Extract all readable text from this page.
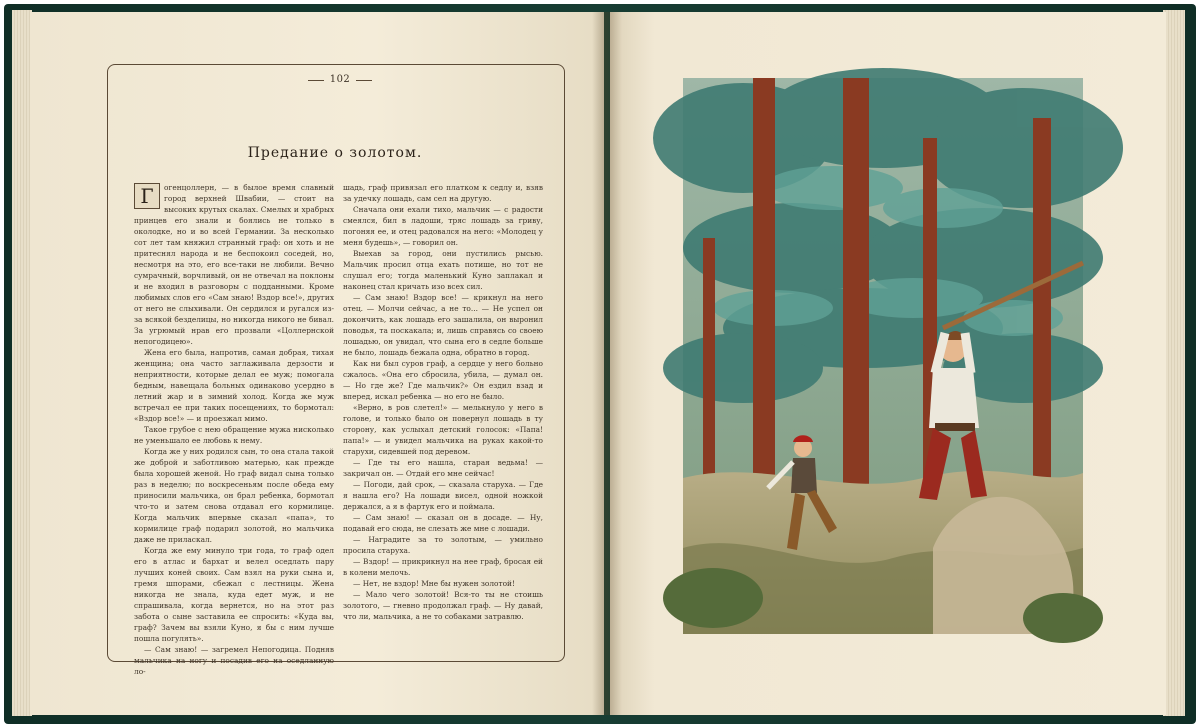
102
Предание о золотом.
Г	огенцоллерн, — в былое время славный город верхней Швабии, — стоит на высоких крутых скалах. Смелых и храбрых принцев его знали и боялись не только в околодке, но и во всей Германии. За несколько сот лет там княжил странный граф: он хоть и не притеснял народа и не беспокоил соседей, но, несмотря на это, его все-таки не любили. Вечно сумрачный, ворчливый, он не отвечал на поклоны и не входил в разговоры с подданными. Кроме любимых слов его «Сам знаю! Вздор все!», других от него не слыхивали. Он сердился и ругался из-за всякой безделицы, но никогда никого не бивал. За угрюмый нрав его прозвали «Цоллернской непогодицею».

Жена его была, напротив, самая добрая, тихая женщина; она часто заглаживала дерзости и неприятности, которые делал ее муж; помогала бедным, навещала больных одинаково усердно в летний жар и в зимний холод. Когда же муж встречал ее при таких посещениях, то бормотал: «Вздор все!» — и проезжал мимо.

Такое грубое с нею обращение мужа нисколько не уменьшало ее любовь к нему.

Когда же у них родился сын, то она стала такой же доброй и заботливою матерью, как прежде была хорошей женой. Но граф видал сына только раз в неделю; по воскресеньям после обеда ему приносили мальчика, он брал ребенка, бормотал что-то и затем снова отдавал его кормилице. Когда мальчик впервые сказал «папа», то кормилице граф подарил золотой, но мальчика даже не приласкал.

Когда же ему минуло три года, то граф одел его в атлас и бархат и велел оседлать пару лучших коней своих. Сам взял на руки сына и, гремя шпорами, сбежал с лестницы. Жена никогда не знала, куда едет муж, и не спрашивала, когда вернется, но на этот раз забота о сыне заставила ее спросить: «Куда вы, граф? Зачем вы взяли Куно, я бы с ним лучше пошла погулять».

— Сам знаю! — загремел Непогодица. Подняв мальчика на ногу и посадив его на оседланную ло-

шадь, граф привязал его платком к седлу и, взяв за удечку лошадь, сам сел на другую.

Сначала они ехали тихо, мальчик — с радости смеялся, бил в ладоши, тряс лошадь за гриву, погоняя ее, и отец радовался на него: «Молодец у меня будешь», — говорил он.

Выехав за город, они пустились рысью. Мальчик просил отца ехать потише, но тот не слушал его; тогда маленький Куно заплакал и наконец стал кричать изо всех сил.

— Сам знаю! Вздор все! — крикнул на него отец. — Молчи сейчас, а не то... — Не успел он докончить, как лошадь его зашалила, он выронил поводья, та поскакала; и, лишь справясь со своею лошадью, он увидал, что сына его в седле больше не было, лошадь бежала одна, обратно в город.

Как ни был суров граф, а сердце у него больно сжалось. «Она его сбросила, убила, — думал он. — Но где же? Где мальчик?» Он ездил взад и вперед, искал ребенка — но его не было.

«Верно, в ров слетел!» — мелькнуло у него в голове, и только было он повернул лошадь в ту сторону, как услыхал детский голосок: «Папа! папа!» — и увидел мальчика на руках какой-то старухи, сидевшей под деревом.

— Где ты его нашла, старая ведьма! — закричал он. — Отдай его мне сейчас!

— Погоди, дай срок, — сказала старуха. — Где я нашла его? На лошади висел, одной ножкой держался, а я в фартук его и поймала.

— Сам знаю! — сказал он в досаде. — Ну, подавай его сюда, не слезать же мне с лошади.

— Наградите за то золотым, — умильно просила старуха.

— Вздор! — прикрикнул на нее граф, бросая ей в колени мелочь.

— Нет, не вздор! Мне бы нужен золотой!

— Мало чего золотой! Вся-то ты не стоишь золотого, — гневно продолжал граф. — Ну давай, что ли, мальчика, а не то собаками затравлю.
